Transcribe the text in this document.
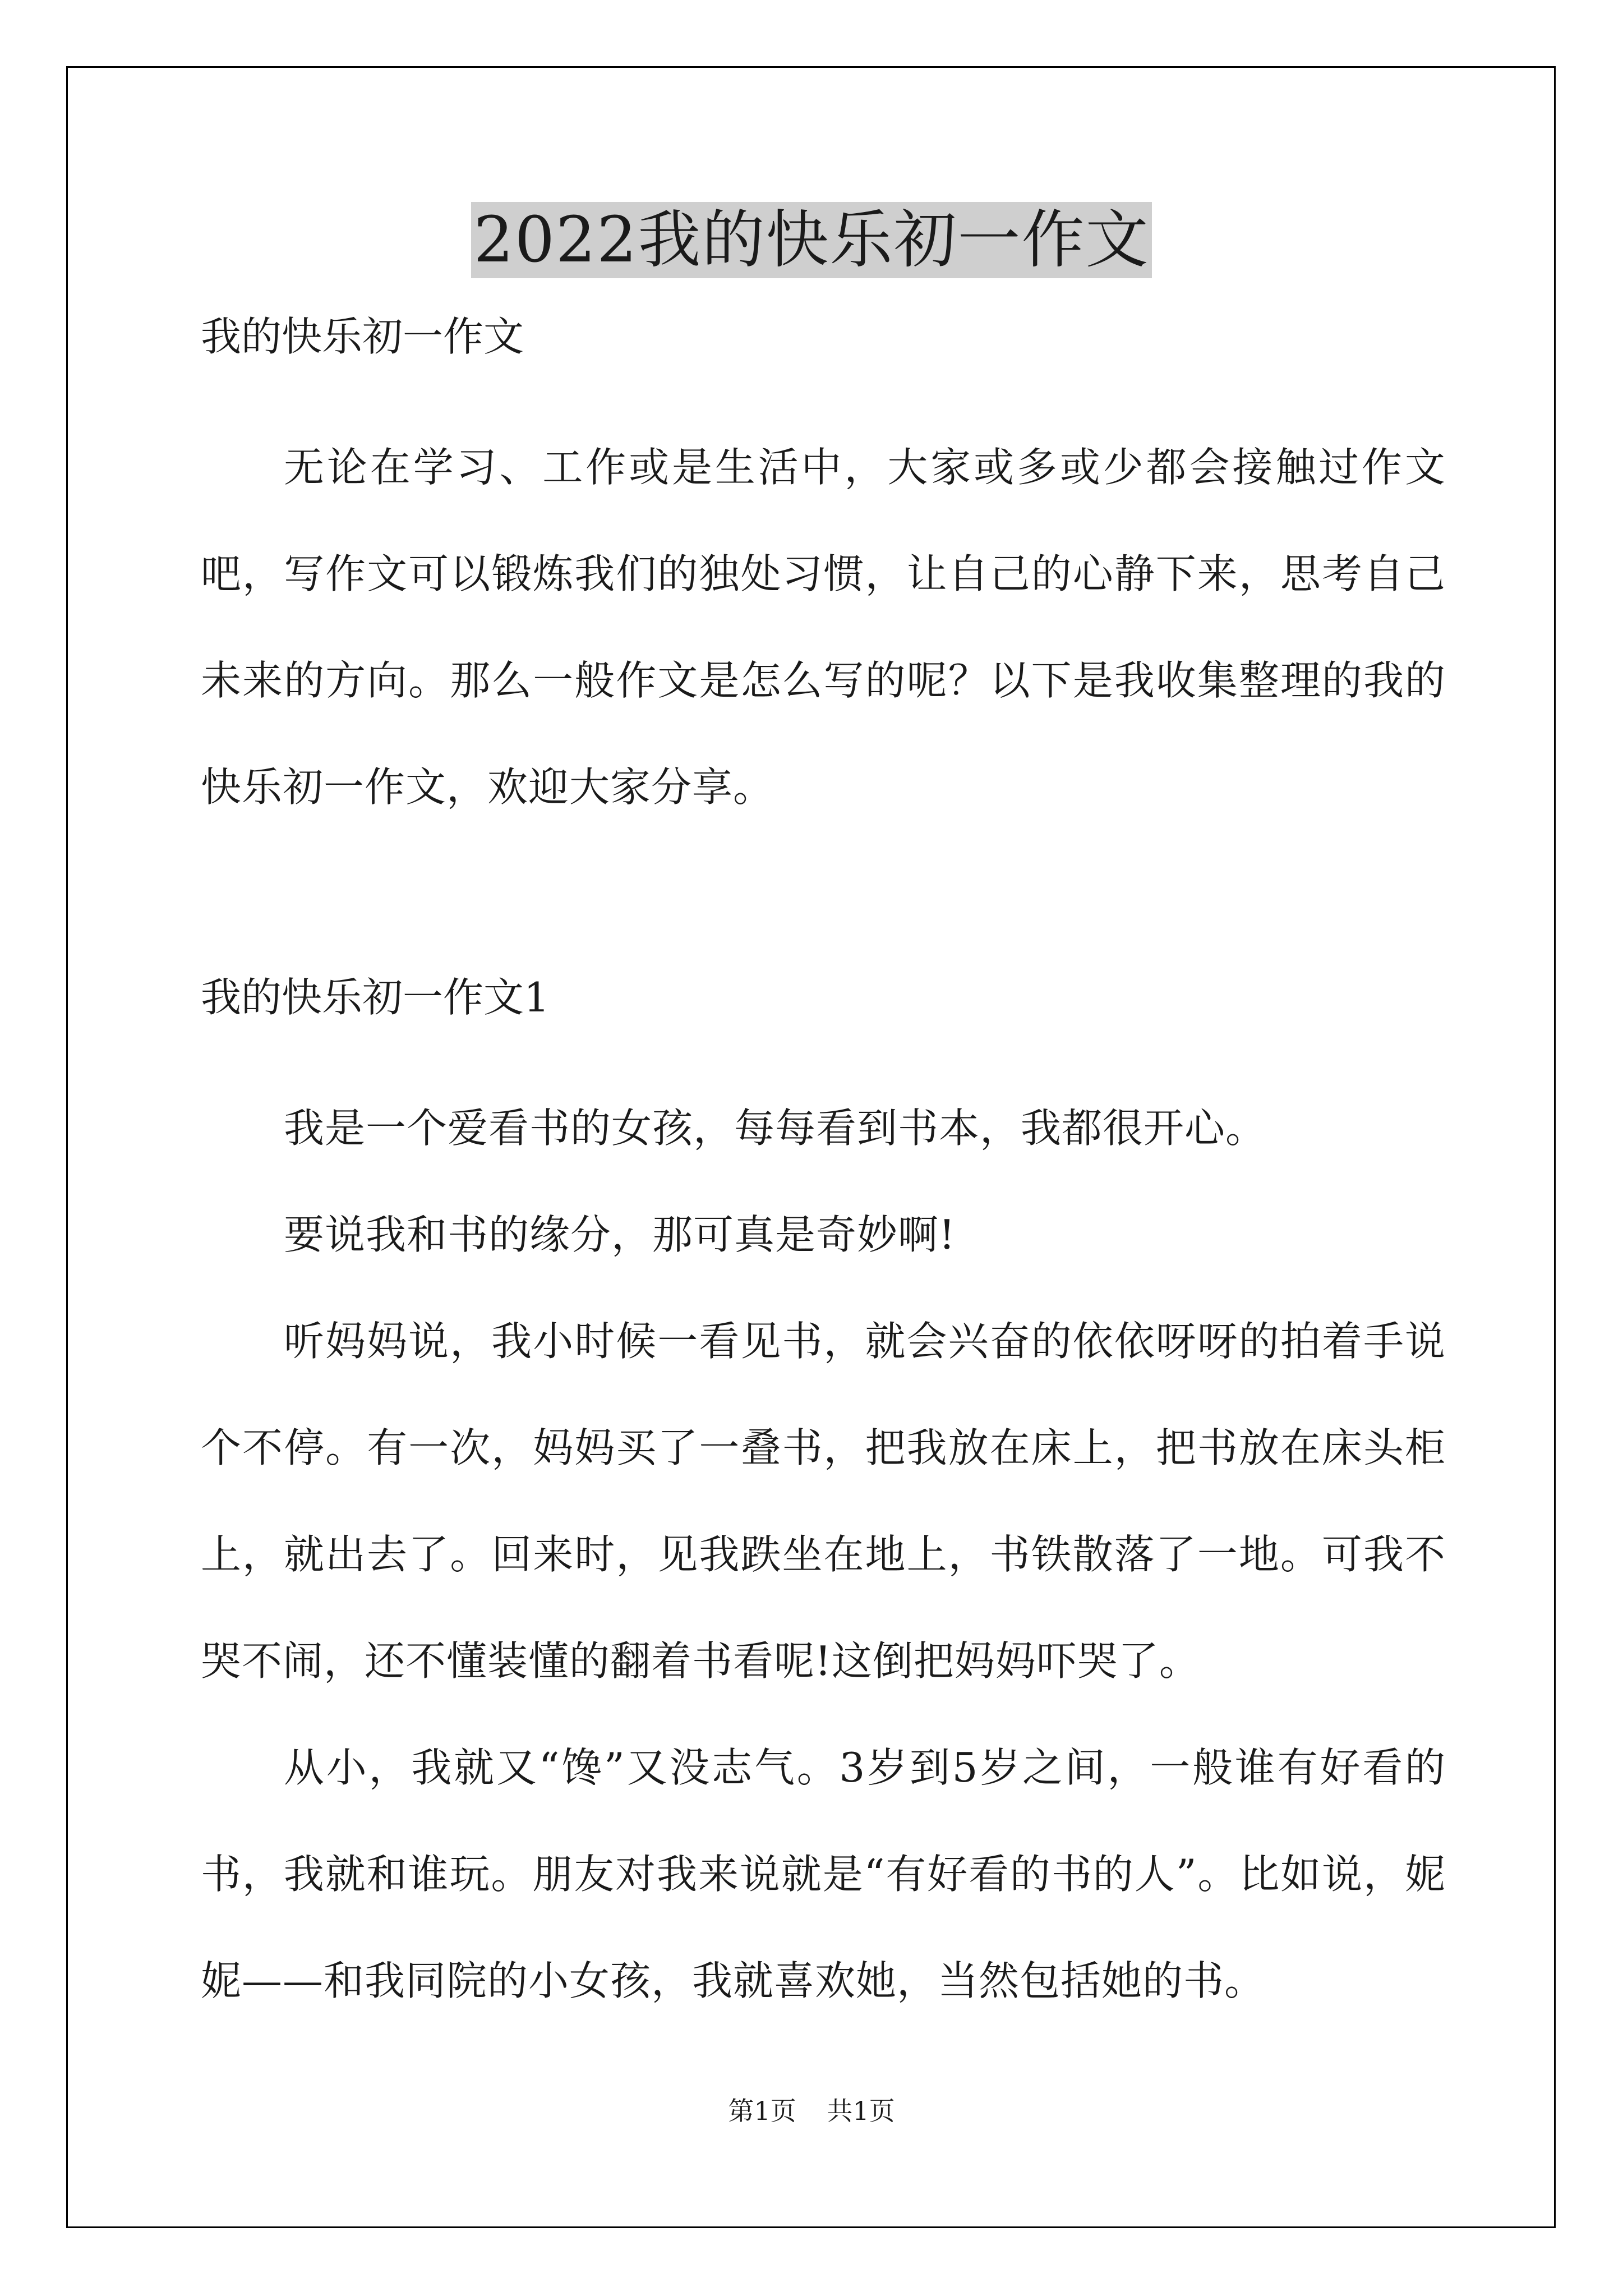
2022我的快乐初一作文

我的快乐初一作文

无论在学习、工作或是生活中，大家或多或少都会接触过作文吧，写作文可以锻炼我们的独处习惯，让自己的心静下来，思考自己未来的方向。那么一般作文是怎么写的呢？以下是我收集整理的我的快乐初一作文，欢迎大家分享。

我的快乐初一作文1

我是一个爱看书的女孩，每每看到书本，我都很开心。

要说我和书的缘分，那可真是奇妙啊!

听妈妈说，我小时候一看见书，就会兴奋的依依呀呀的拍着手说个不停。有一次，妈妈买了一叠书，把我放在床上，把书放在床头柜上，就出去了。回来时，见我跌坐在地上，书铁散落了一地。可我不哭不闹，还不懂装懂的翻着书看呢!这倒把妈妈吓哭了。

从小，我就又“馋”又没志气。3岁到5岁之间，一般谁有好看的书，我就和谁玩。朋友对我来说就是“有好看的书的人”。比如说，妮妮——和我同院的小女孩，我就喜欢她，当然包括她的书。

第1页 共1页
